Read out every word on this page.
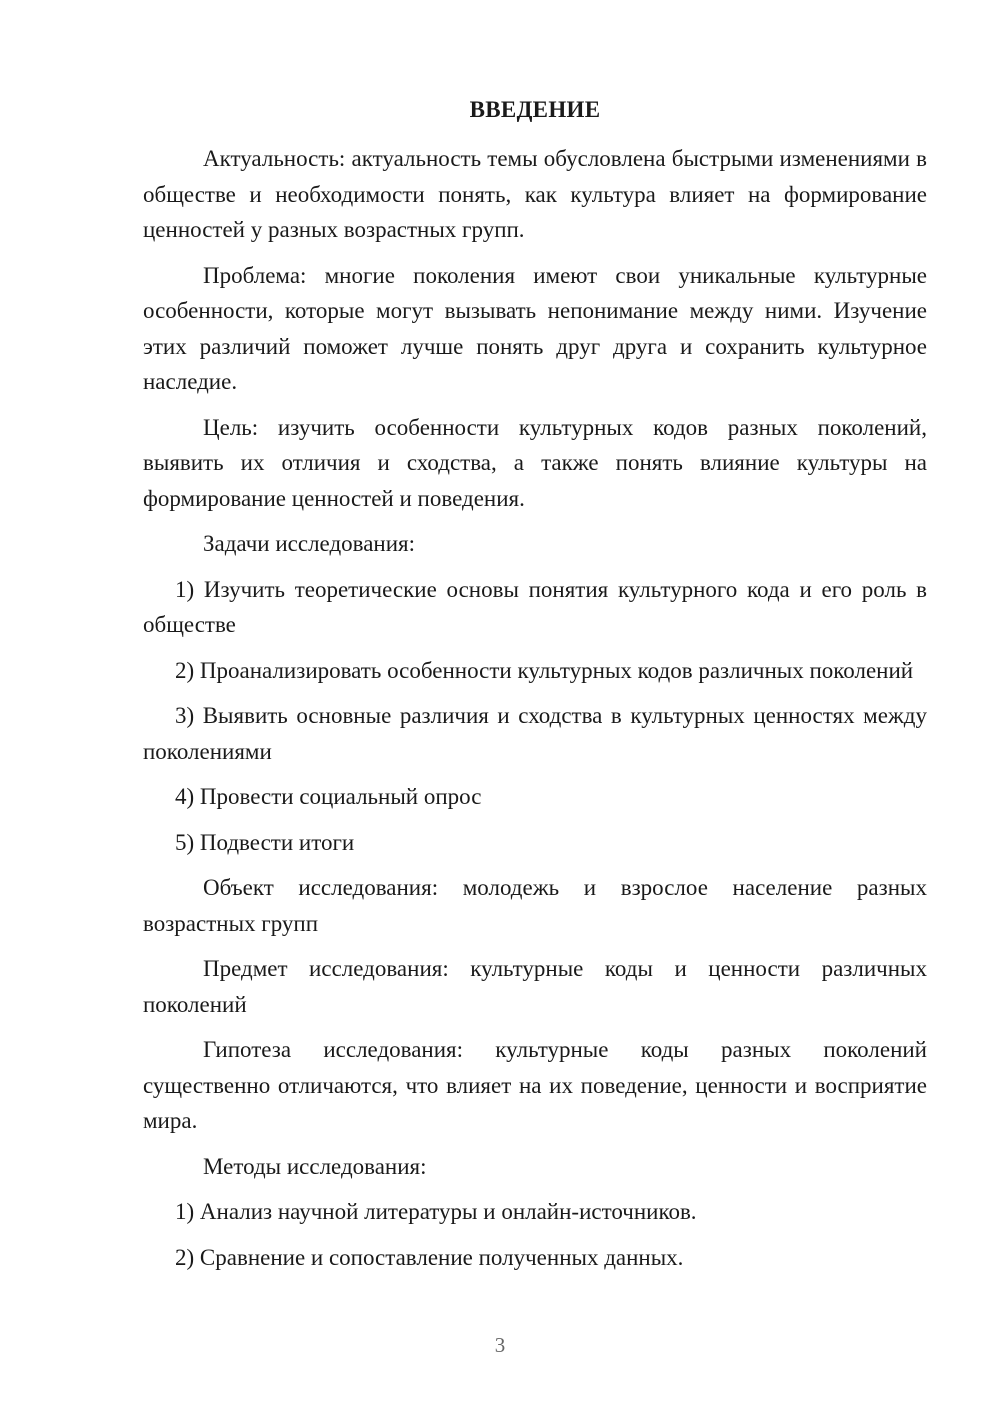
ВВЕДЕНИЕ

Актуальность: актуальность темы обусловлена быстрыми изменениями в обществе и необходимости понять, как культура влияет на формирование ценностей у разных возрастных групп.

Проблема: многие поколения имеют свои уникальные культурные особенности, которые могут вызывать непонимание между ними. Изучение этих различий поможет лучше понять друг друга и сохранить культурное наследие.

Цель: изучить особенности культурных кодов разных поколений, выявить их отличия и сходства, а также понять влияние культуры на формирование ценностей и поведения.

Задачи исследования:

1) Изучить теоретические основы понятия культурного кода и его роль в обществе

2) Проанализировать особенности культурных кодов различных поколений

3) Выявить основные различия и сходства в культурных ценностях между поколениями

4) Провести социальный опрос

5) Подвести итоги

Объект исследования: молодежь и взрослое население разных возрастных групп

Предмет исследования: культурные коды и ценности различных поколений

Гипотеза исследования: культурные коды разных поколений существенно отличаются, что влияет на их поведение, ценности и восприятие мира.

Методы исследования:

1) Анализ научной литературы и онлайн-источников.

2) Сравнение и сопоставление полученных данных.

3
